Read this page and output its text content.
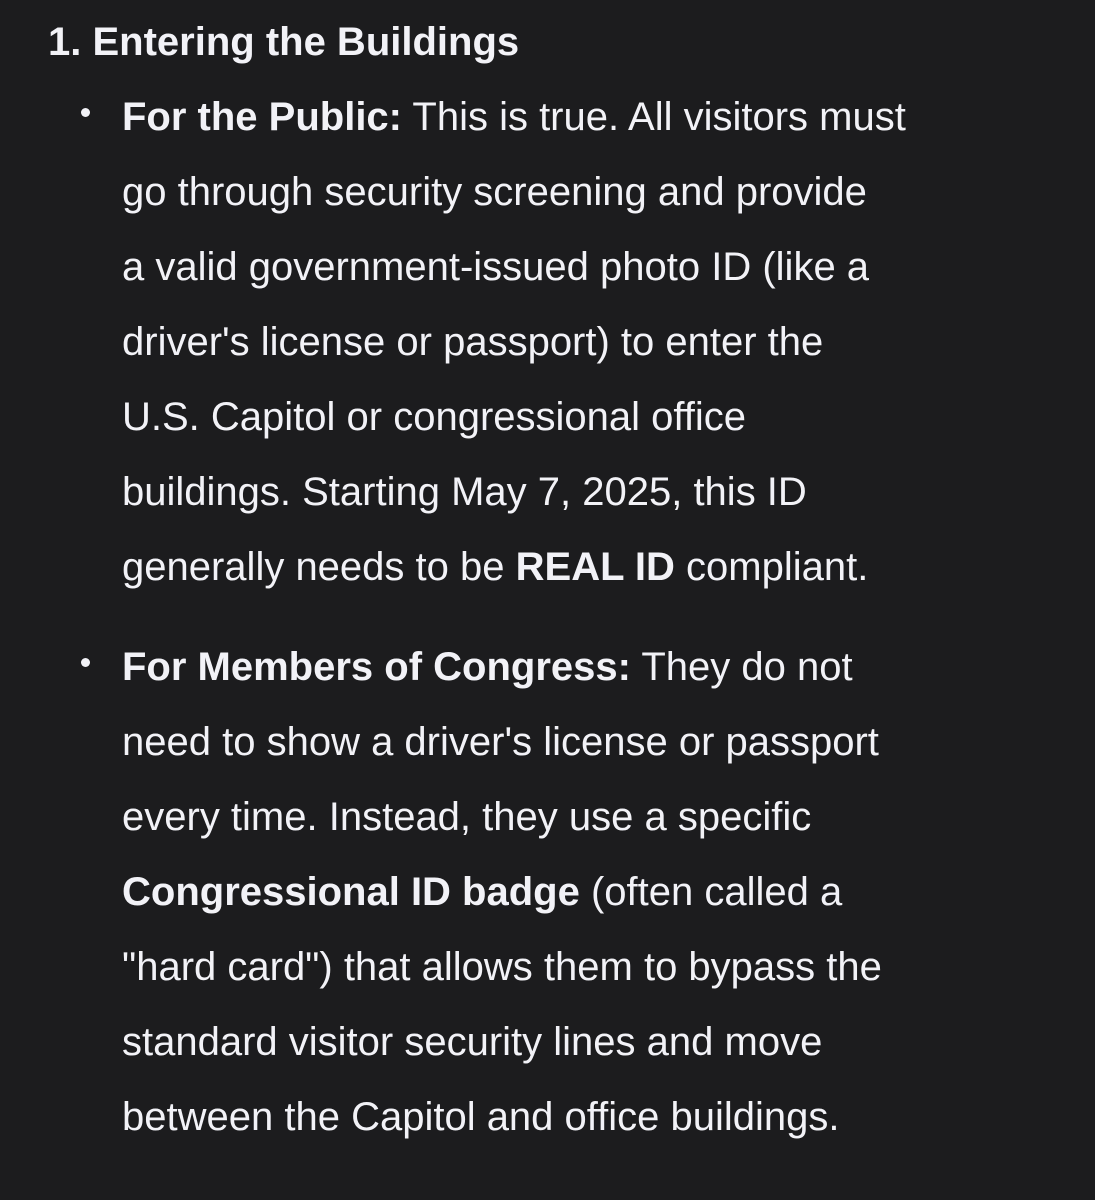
1. Entering the Buildings
For the Public: This is true. All visitors must
go through security screening and provide
a valid government-issued photo ID (like a
driver's license or passport) to enter the
U.S. Capitol or congressional office
buildings. Starting May 7, 2025, this ID
generally needs to be REAL ID compliant.
For Members of Congress: They do not
need to show a driver's license or passport
every time. Instead, they use a specific
Congressional ID badge (often called a
"hard card") that allows them to bypass the
standard visitor security lines and move
between the Capitol and office buildings.
